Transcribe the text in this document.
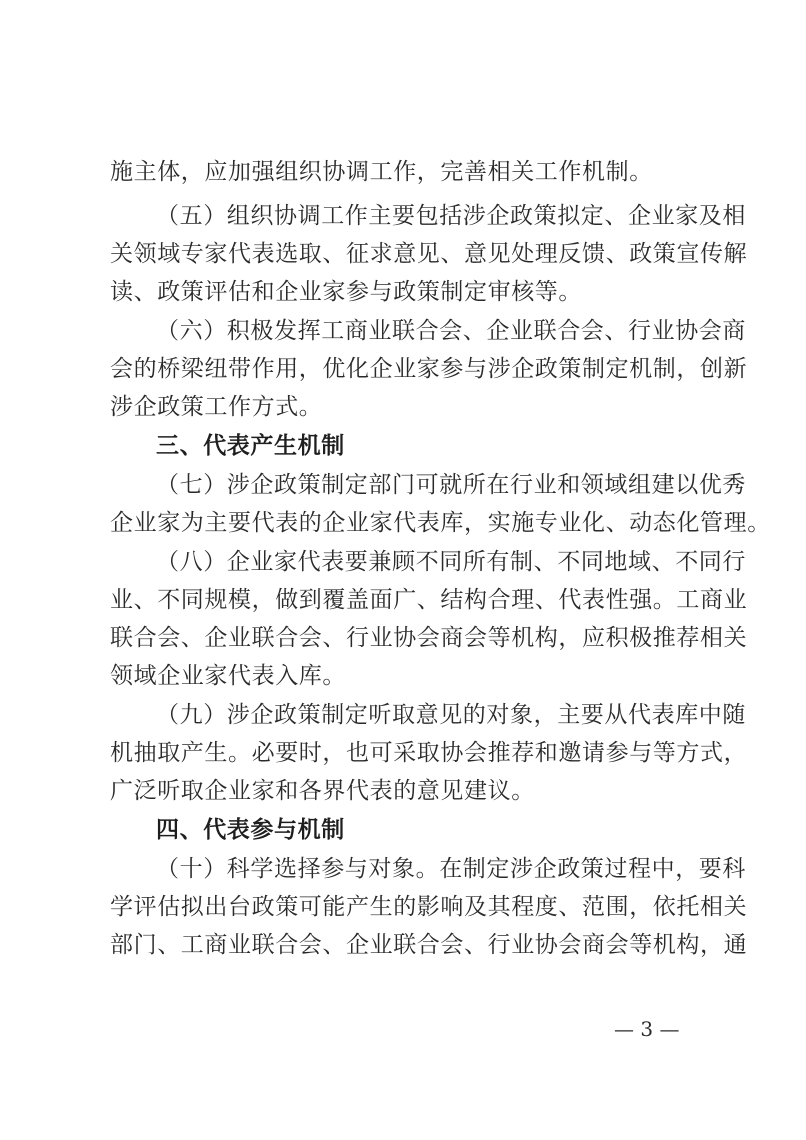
施主体，应加强组织协调工作，完善相关工作机制。
（五）组织协调工作主要包括涉企政策拟定、企业家及相
关领域专家代表选取、征求意见、意见处理反馈、政策宣传解
读、政策评估和企业家参与政策制定审核等。
（六）积极发挥工商业联合会、企业联合会、行业协会商
会的桥梁纽带作用，优化企业家参与涉企政策制定机制，创新
涉企政策工作方式。
三、代表产生机制
（七）涉企政策制定部门可就所在行业和领域组建以优秀
企业家为主要代表的企业家代表库，实施专业化、动态化管理。
（八）企业家代表要兼顾不同所有制、不同地域、不同行
业、不同规模，做到覆盖面广、结构合理、代表性强。工商业
联合会、企业联合会、行业协会商会等机构，应积极推荐相关
领域企业家代表入库。
（九）涉企政策制定听取意见的对象，主要从代表库中随
机抽取产生。必要时，也可采取协会推荐和邀请参与等方式，
广泛听取企业家和各界代表的意见建议。
四、代表参与机制
（十）科学选择参与对象。在制定涉企政策过程中，要科
学评估拟出台政策可能产生的影响及其程度、范围，依托相关
部门、工商业联合会、企业联合会、行业协会商会等机构，通
— 3 —
